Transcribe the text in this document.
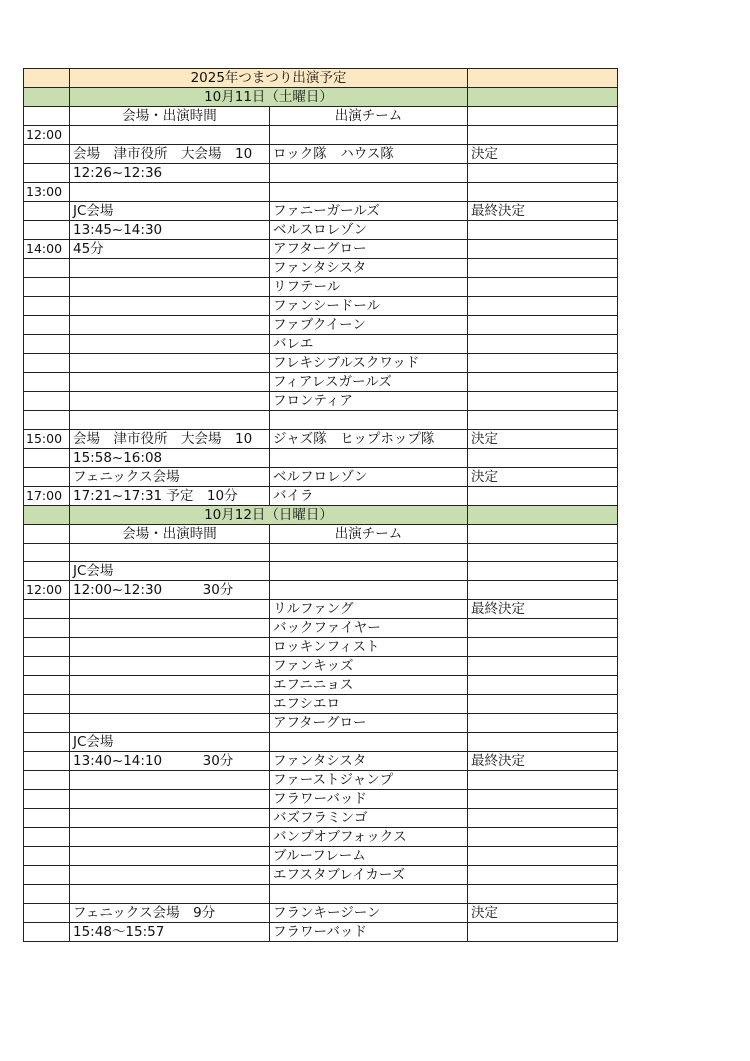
	2025年つまつり出演予定		
	10月11日（土曜日）		
	会場・出演時間	出演チーム	
12:00			
	会場　津市役所　大会場　10	ロック隊　ハウス隊	決定
	12:26~12:36		
13:00			
	JC会場	ファニーガールズ	最終決定
	13:45~14:30	ベルスロレゾン	
14:00	45分	アフターグロー	
		ファンタシスタ	
		リフテール	
		ファンシードール	
		ファブクイーン	
		バレエ	
		フレキシブルスクワッド	
		フィアレスガールズ	
		フロンティア	

15:00	会場　津市役所　大会場　10	ジャズ隊　ヒップホップ隊	決定
	15:58~16:08		
	フェニックス会場	ベルフロレゾン	決定
17:00	17:21~17:31 予定　10分	バイラ	
	10月12日（日曜日）		
	会場・出演時間	出演チーム	

	JC会場		
12:00	12:00~12:30　　　30分		
		リルファング	最終決定
		バックファイヤー	
		ロッキンフィスト	
		ファンキッズ	
		エフニニョス	
		エフシエロ	
		アフターグロー	
	JC会場		
	13:40~14:10　　　30分	ファンタシスタ	最終決定
		ファーストジャンプ	
		フラワーバッド	
		バズフラミンゴ	
		バンプオブフォックス	
		ブルーフレーム	
		エフスタブレイカーズ	

	フェニックス会場　9分	フランキージーン	決定
	15:48～15:57	フラワーバッド	
